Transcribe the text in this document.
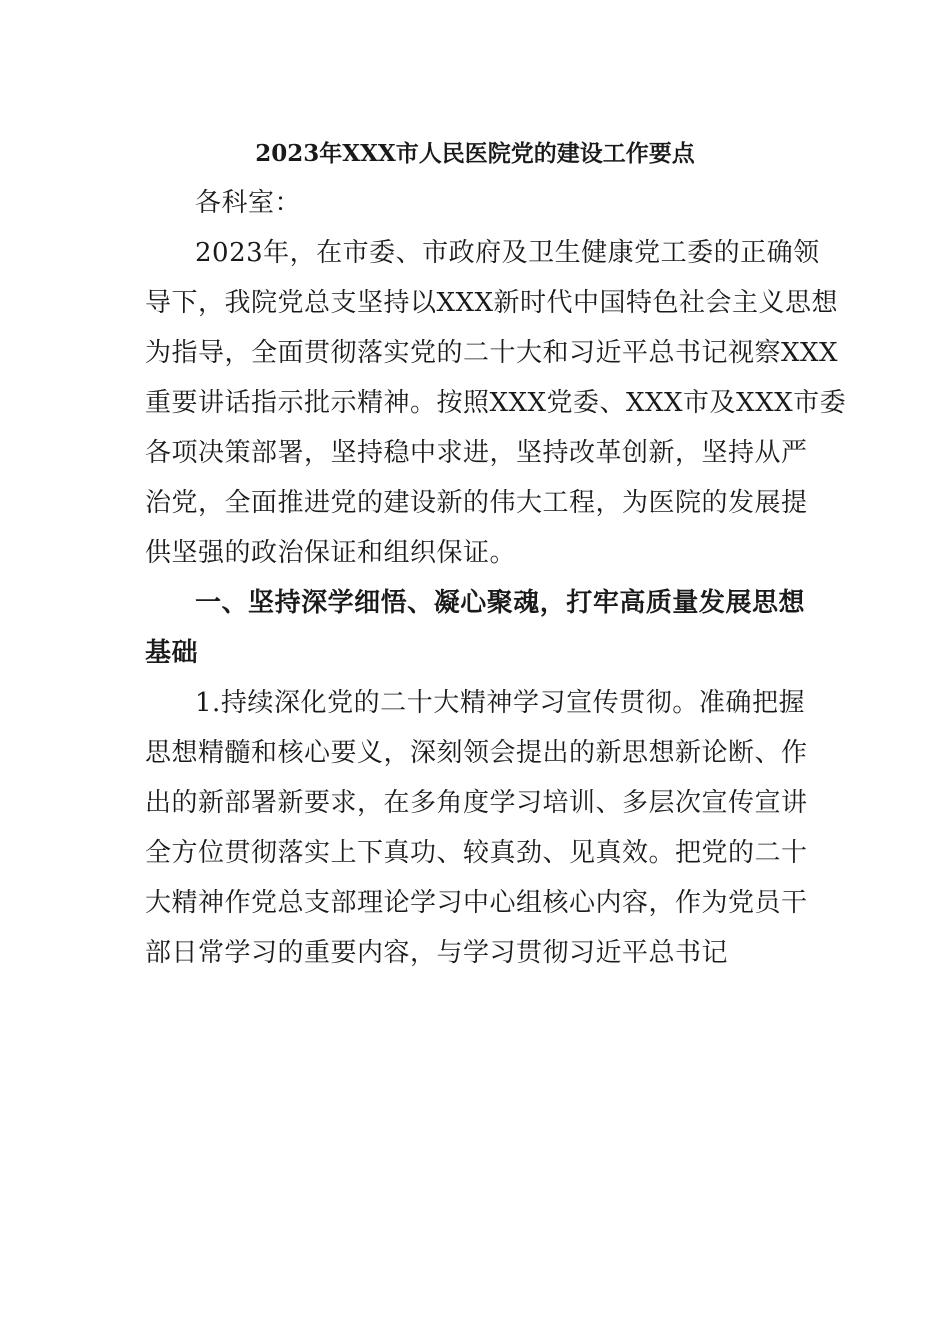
2023年XXX市人民医院党的建设工作要点
各科室：
2023年，在市委、市政府及卫生健康党工委的正确领
导下，我院党总支坚持以XXX新时代中国特色社会主义思想
为指导，全面贯彻落实党的二十大和习近平总书记视察XXX
重要讲话指示批示精神。按照XXX党委、XXX市及XXX市委
各项决策部署，坚持稳中求进，坚持改革创新，坚持从严
治党，全面推进党的建设新的伟大工程，为医院的发展提
供坚强的政治保证和组织保证。
一、坚持深学细悟、凝心聚魂，打牢高质量发展思想
基础
1.持续深化党的二十大精神学习宣传贯彻。准确把握
思想精髓和核心要义，深刻领会提出的新思想新论断、作
出的新部署新要求，在多角度学习培训、多层次宣传宣讲
全方位贯彻落实上下真功、较真劲、见真效。把党的二十
大精神作党总支部理论学习中心组核心内容，作为党员干
部日常学习的重要内容，与学习贯彻习近平总书记
